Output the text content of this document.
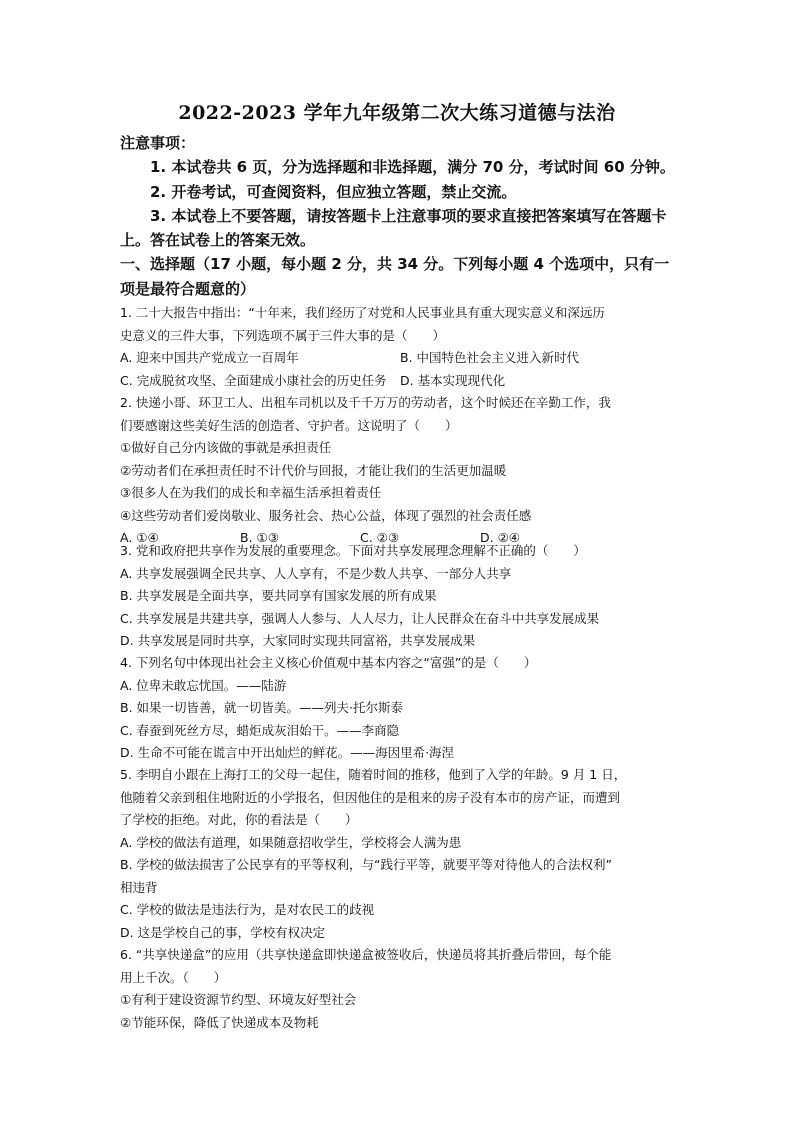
2022-2023 学年九年级第二次大练习道德与法治
注意事项：
1. 本试卷共 6 页，分为选择题和非选择题，满分 70 分，考试时间 60 分钟。
2. 开卷考试，可查阅资料，但应独立答题，禁止交流。
3. 本试卷上不要答题，请按答题卡上注意事项的要求直接把答案填写在答题卡上。答在试卷上的答案无效。
一、选择题（17 小题，每小题 2 分，共 34 分。下列每小题 4 个选项中，只有一项是最符合题意的）
1. 二十大报告中指出：“十年来，我们经历了对党和人民事业具有重大现实意义和深远历
史意义的三件大事，下列选项不属于三件大事的是（　　）
A. 迎来中国共产党成立一百周年	B. 中国特色社会主义进入新时代
C. 完成脱贫攻坚、全面建成小康社会的历史任务	D. 基本实现现代化
2. 快递小哥、环卫工人、出租车司机以及千千万万的劳动者，这个时候还在辛勤工作，我
们要感谢这些美好生活的创造者、守护者。这说明了（　　）
①做好自己分内该做的事就是承担责任
②劳动者们在承担责任时不计代价与回报，才能让我们的生活更加温暖
③很多人在为我们的成长和幸福生活承担着责任
④这些劳动者们爱岗敬业、服务社会、热心公益，体现了强烈的社会责任感
A. ①④	B. ①③	C. ②③	D. ②④
3. 党和政府把共享作为发展的重要理念。下面对共享发展理念理解不正确的（　　）
A. 共享发展强调全民共享、人人享有，不是少数人共享、一部分人共享
B. 共享发展是全面共享，要共同享有国家发展的所有成果
C. 共享发展是共建共享，强调人人参与、人人尽力，让人民群众在奋斗中共享发展成果
D. 共享发展是同时共享，大家同时实现共同富裕，共享发展成果
4. 下列名句中体现出社会主义核心价值观中基本内容之“富强”的是（　　）
A. 位卑未敢忘忧国。——陆游
B. 如果一切皆善，就一切皆美。——列夫·托尔斯泰
C. 春蚕到死丝方尽，蜡炬成灰泪始干。——李商隐
D. 生命不可能在谎言中开出灿烂的鲜花。——海因里希·海涅
5. 李明自小跟在上海打工的父母一起住，随着时间的推移，他到了入学的年龄。9 月 1 日，
他随着父亲到租住地附近的小学报名，但因他住的是租来的房子没有本市的房产证，而遭到
了学校的拒绝。对此，你的看法是（　　）
A. 学校的做法有道理，如果随意招收学生，学校将会人满为患
B. 学校的做法损害了公民享有的平等权利，与“践行平等，就要平等对待他人的合法权利”
相违背
C. 学校的做法是违法行为，是对农民工的歧视
D. 这是学校自己的事，学校有权决定
6. “共享快递盒”的应用（共享快递盒即快递盒被签收后，快递员将其折叠后带回，每个能
用上千次。（　　）
①有利于建设资源节约型、环境友好型社会
②节能环保，降低了快递成本及物耗
